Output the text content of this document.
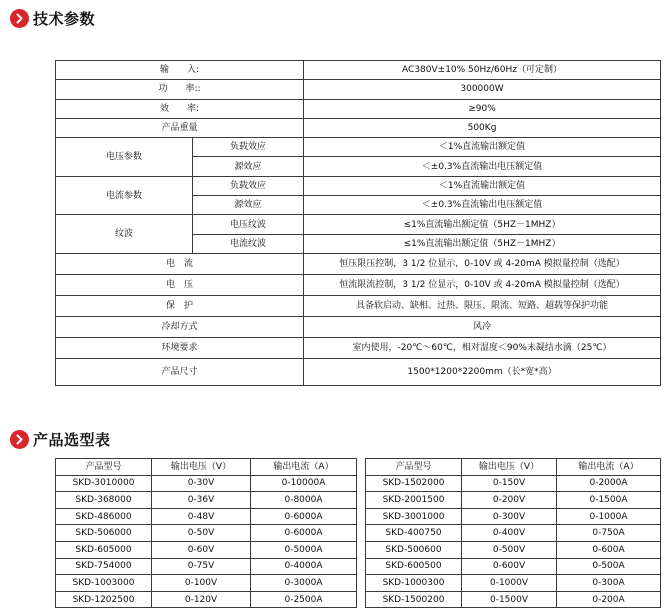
技术参数
输　　入:		AC380V±10% 50Hz/60Hz（可定制）
功　　率::		300000W
效　　率:		≥90%
产品重量		500Kg
电压参数	负载效应	＜1%直流输出额定值
	源效应	＜±0.3%直流输出电压额定值
电流参数	负载效应	＜1%直流输出额定值
	源效应	＜±0.3%直流输出电压额定值
纹波	电压纹波	≤1%直流输出额定值（5HZ－1MHZ）
	电流纹波	≤1%直流输出额定值（5HZ－1MHZ）
电　流		恒压限压控制，3 1/2 位显示，0-10V 或 4-20mA 模拟量控制（选配）
电　压		恒流限流控制，3 1/2 位显示，0-10V 或 4-20mA 模拟量控制（选配）
保　护		具备软启动、缺相、过热、限压、限流、短路、超载等保护功能
冷却方式		风冷
环境要求		室内使用，-20℃～60℃，相对湿度＜90%未凝结水滴（25℃）
产品尺寸		1500*1200*2200mm（长*宽*高）
产品选型表
产品型号	输出电压（V）	输出电流（A）
SKD-3010000	0-30V	0-10000A
SKD-368000	0-36V	0-8000A
SKD-486000	0-48V	0-6000A
SKD-506000	0-50V	0-6000A
SKD-605000	0-60V	0-5000A
SKD-754000	0-75V	0-4000A
SKD-1003000	0-100V	0-3000A
SKD-1202500	0-120V	0-2500A
产品型号	输出电压（V）	输出电流（A）
SKD-1502000	0-150V	0-2000A
SKD-2001500	0-200V	0-1500A
SKD-3001000	0-300V	0-1000A
SKD-400750	0-400V	0-750A
SKD-500600	0-500V	0-600A
SKD-600500	0-600V	0-500A
SKD-1000300	0-1000V	0-300A
SKD-1500200	0-1500V	0-200A
